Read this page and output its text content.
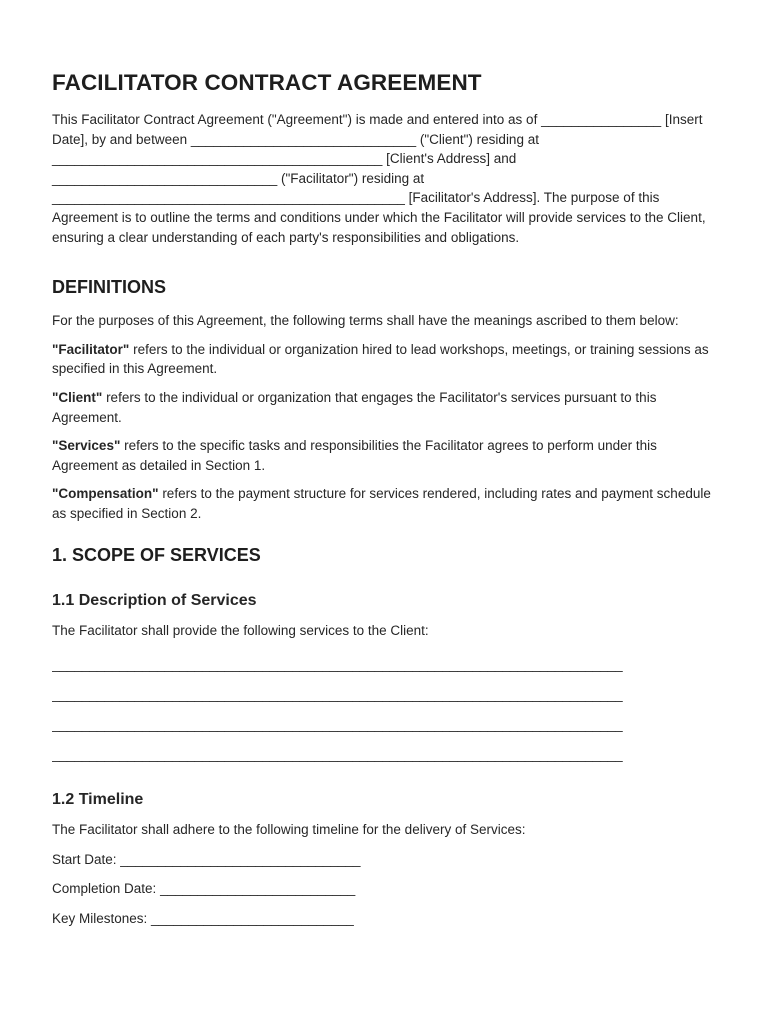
FACILITATOR CONTRACT AGREEMENT

This Facilitator Contract Agreement ("Agreement") is made and entered into as of ________________ [Insert Date], by and between ______________________________ ("Client") residing at ____________________________________________ [Client's Address] and ______________________________ ("Facilitator") residing at _______________________________________________ [Facilitator's Address]. The purpose of this Agreement is to outline the terms and conditions under which the Facilitator will provide services to the Client, ensuring a clear understanding of each party's responsibilities and obligations.

DEFINITIONS

For the purposes of this Agreement, the following terms shall have the meanings ascribed to them below:

"Facilitator" refers to the individual or organization hired to lead workshops, meetings, or training sessions as specified in this Agreement.

"Client" refers to the individual or organization that engages the Facilitator's services pursuant to this Agreement.

"Services" refers to the specific tasks and responsibilities the Facilitator agrees to perform under this Agreement as detailed in Section 1.

"Compensation" refers to the payment structure for services rendered, including rates and payment schedule as specified in Section 2.

1. SCOPE OF SERVICES
1.1 Description of Services

The Facilitator shall provide the following services to the Client:

____________________________________________________________________________
____________________________________________________________________________
____________________________________________________________________________
____________________________________________________________________________
1.2 Timeline

The Facilitator shall adhere to the following timeline for the delivery of Services:

Start Date: ________________________________
Completion Date: __________________________
Key Milestones: ___________________________
